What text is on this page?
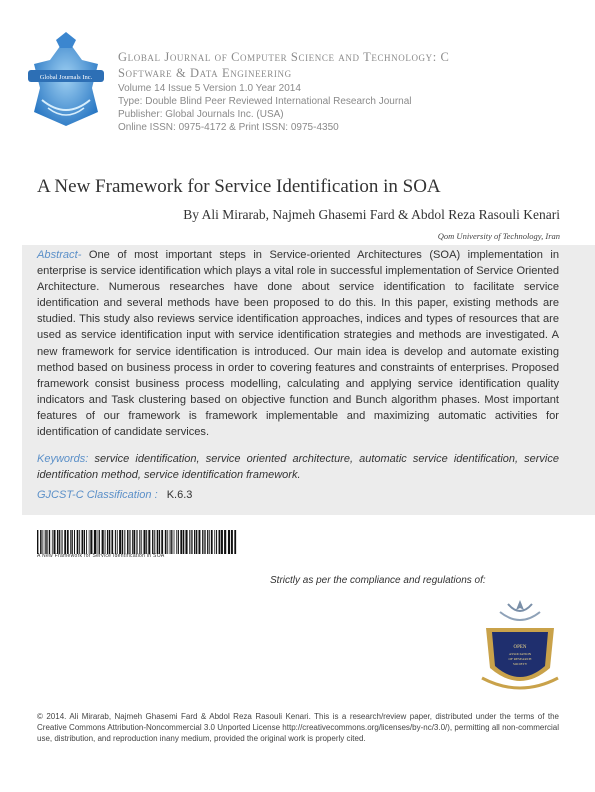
Global Journals Inc.
Global Journal of Computer Science and Technology: C
Software & Data Engineering
Volume 14 Issue 5 Version 1.0 Year 2014
Type: Double Blind Peer Reviewed International Research Journal
Publisher: Global Journals Inc. (USA)
Online ISSN: 0975-4172 & Print ISSN: 0975-4350
A New Framework for Service Identification in SOA
By Ali Mirarab, Najmeh Ghasemi Fard & Abdol Reza Rasouli Kenari
Qom University of Technology, Iran
Abstract- One of most important steps in Service-oriented Architectures (SOA) implementation in enterprise is service identification which plays a vital role in successful implementation of Service Oriented Architecture. Numerous researches have done about service identification to facilitate service identification and several methods have been proposed to do this. In this paper, existing methods are studied. This study also reviews service identification approaches, indices and types of resources that are used as service identification input with service identification strategies and methods are investigated. A new framework for service identification is introduced. Our main idea is develop and automate existing method based on business process in order to covering features and constraints of enterprises. Proposed framework consist business process modelling, calculating and applying service identification quality indicators and Task clustering based on objective function and Bunch algorithm phases. Most important features of our framework is framework implementable and maximizing automatic activities for identification of candidate services.
Keywords: service identification, service oriented architecture, automatic service identification, service identification method, service identification framework.
GJCST-C Classification : K.6.3
A New Framework for Service Identification in SOA
Strictly as per the compliance and regulations of:
OPEN
ASSOCIATION
OF RESEARCH
SOCIETY
© 2014. Ali Mirarab, Najmeh Ghasemi Fard & Abdol Reza Rasouli Kenari. This is a research/review paper, distributed under the terms of the Creative Commons Attribution-Noncommercial 3.0 Unported License http://creativecommons.org/licenses/by-nc/3.0/), permitting all non-commercial use, distribution, and reproduction inany medium, provided the original work is properly cited.
